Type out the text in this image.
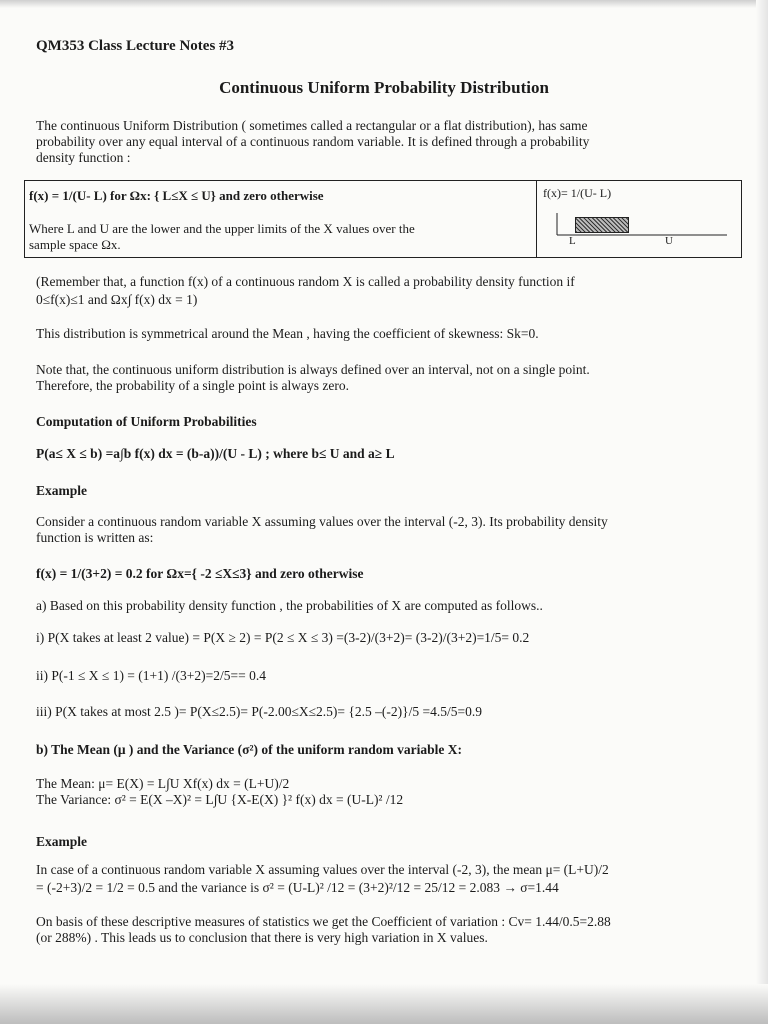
QM353 Class Lecture Notes #3
Continuous Uniform Probability Distribution
The continuous Uniform Distribution ( sometimes called a rectangular or a flat distribution), has same
probability over any equal interval of a continuous random variable. It is defined through a probability
density function :
f(x) = 1/(U- L) for Ωx: { L≤X ≤ U} and zero otherwise
Where L and U are the lower and the upper limits of the X values over the
sample space Ωx.
f(x)= 1/(U- L)
L	U
(Remember that, a function f(x) of a continuous random X is called a probability density function if
0≤f(x)≤1 and Ωx∫ f(x) dx = 1)
This distribution is symmetrical around the Mean , having the coefficient of skewness: Sk=0.
Note that, the continuous uniform distribution is always defined over an interval, not on a single point.
Therefore, the probability of a single point is always zero.
Computation of Uniform Probabilities
P(a≤ X ≤ b) =a∫b f(x) dx = (b-a))/(U - L) ; where b≤ U and a≥ L
Example
Consider a continuous random variable X assuming values over the interval (-2, 3). Its probability density
function is written as:
f(x) = 1/(3+2) = 0.2 for Ωx={ -2 ≤X≤3} and zero otherwise
a) Based on this probability density function , the probabilities of X are computed as follows..
i) P(X takes at least 2 value) = P(X ≥ 2) = P(2 ≤ X ≤ 3) =(3-2)/(3+2)= (3-2)/(3+2)=1/5= 0.2
ii) P(-1 ≤ X ≤ 1) = (1+1) /(3+2)=2/5== 0.4
iii) P(X takes at most 2.5 )= P(X≤2.5)= P(-2.00≤X≤2.5)= {2.5 –(-2)}/5 =4.5/5=0.9
b) The Mean (μ ) and the Variance (σ²) of the uniform random variable X:
The Mean: μ= E(X) = L∫U Xf(x) dx = (L+U)/2
The Variance: σ² = E(X –X)² = L∫U {X-E(X) }² f(x) dx = (U-L)² /12
Example
In case of a continuous random variable X assuming values over the interval (-2, 3), the mean μ= (L+U)/2
= (-2+3)/2 = 1/2 = 0.5 and the variance is σ² = (U-L)² /12 = (3+2)²/12 = 25/12 = 2.083 → σ=1.44
On basis of these descriptive measures of statistics we get the Coefficient of variation : Cv= 1.44/0.5=2.88
(or 288%) . This leads us to conclusion that there is very high variation in X values.
